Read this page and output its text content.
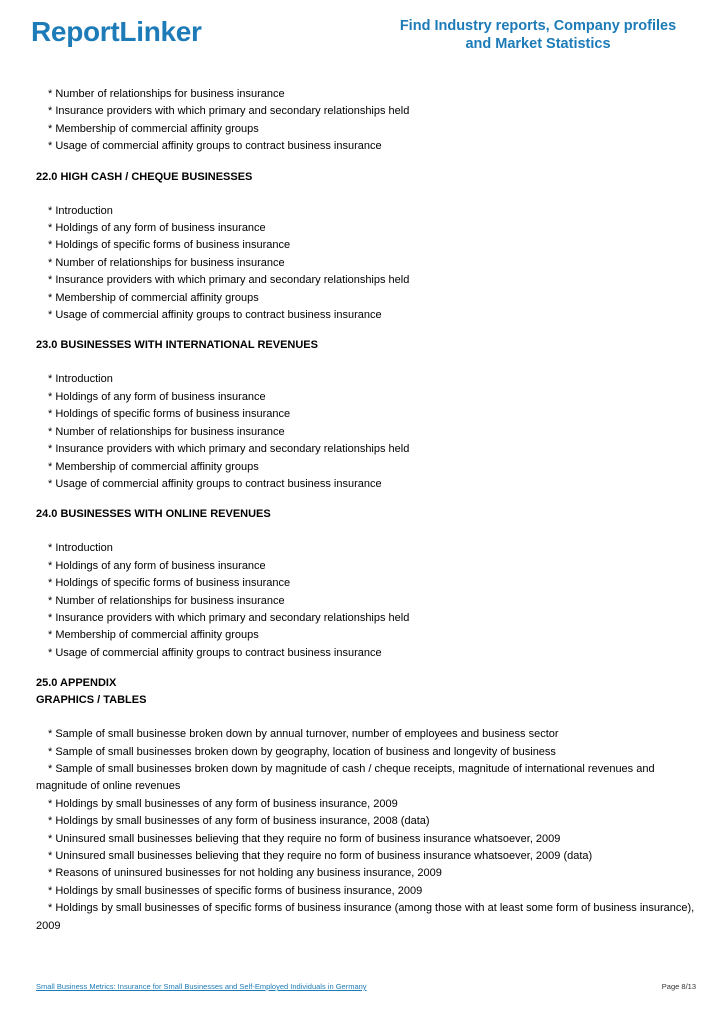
ReportLinker	Find Industry reports, Company profiles
and Market Statistics
* Number of relationships for business insurance
* Insurance providers with which primary and secondary relationships held
* Membership of commercial affinity groups
* Usage of commercial affinity groups to contract business insurance
22.0 HIGH CASH / CHEQUE BUSINESSES
* Introduction
* Holdings of any form of business insurance
* Holdings of specific forms of business insurance
* Number of relationships for business insurance
* Insurance providers with which primary and secondary relationships held
* Membership of commercial affinity groups
* Usage of commercial affinity groups to contract business insurance
23.0 BUSINESSES WITH INTERNATIONAL REVENUES
* Introduction
* Holdings of any form of business insurance
* Holdings of specific forms of business insurance
* Number of relationships for business insurance
* Insurance providers with which primary and secondary relationships held
* Membership of commercial affinity groups
* Usage of commercial affinity groups to contract business insurance
24.0 BUSINESSES WITH ONLINE REVENUES
* Introduction
* Holdings of any form of business insurance
* Holdings of specific forms of business insurance
* Number of relationships for business insurance
* Insurance providers with which primary and secondary relationships held
* Membership of commercial affinity groups
* Usage of commercial affinity groups to contract business insurance
25.0 APPENDIX
GRAPHICS / TABLES
* Sample of small businesse broken down by annual turnover, number of employees and business sector
* Sample of small businesses broken down by geography, location of business and longevity of business
* Sample of small businesses broken down by magnitude of cash / cheque receipts, magnitude of international revenues and magnitude of online revenues
* Holdings by small businesses of any form of business insurance, 2009
* Holdings by small businesses of any form of business insurance, 2008 (data)
* Uninsured small businesses believing that they require no form of business insurance whatsoever, 2009
* Uninsured small businesses believing that they require no form of business insurance whatsoever, 2009 (data)
* Reasons of uninsured businesses for not holding any business insurance, 2009
* Holdings by small businesses of specific forms of business insurance, 2009
* Holdings by small businesses of specific forms of business insurance (among those with at least some form of business insurance), 2009
Small Business Metrics: Insurance for Small Businesses and Self-Employed Individuals in Germany	Page 8/13
